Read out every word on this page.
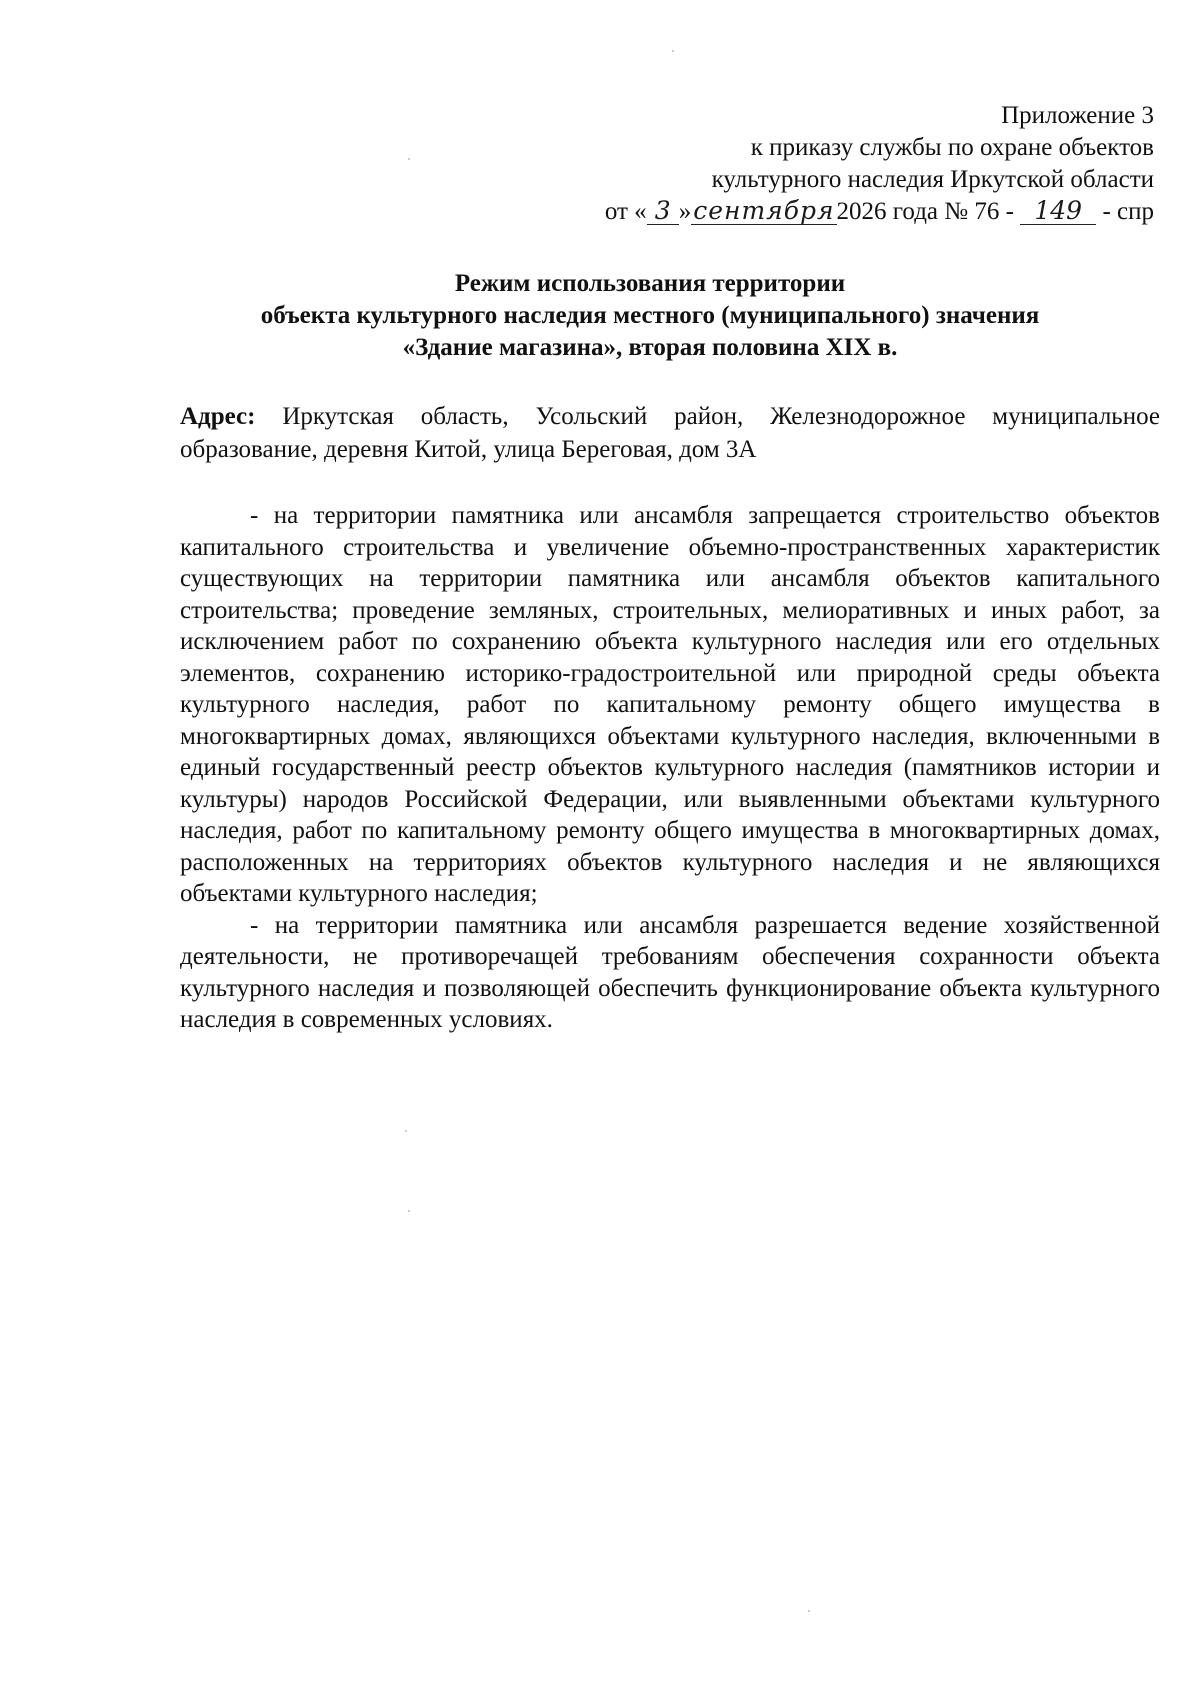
Приложение 3
к приказу службы по охране объектов
культурного наследия Иркутской области
от « 3 »сентября2026 года № 76 - 149 - спр
Режим использования территории
объекта культурного наследия местного (муниципального) значения
«Здание магазина», вторая половина XIX в.
Адрес: Иркутская область, Усольский район, Железнодорожное муниципальное образование, деревня Китой, улица Береговая, дом 3А

- на территории памятника или ансамбля запрещается строительство объектов капитального строительства и увеличение объемно-пространственных характеристик существующих на территории памятника или ансамбля объектов капитального строительства; проведение земляных, строительных, мелиоративных и иных работ, за исключением работ по сохранению объекта культурного наследия или его отдельных элементов, сохранению историко-градостроительной или природной среды объекта культурного наследия, работ по капитальному ремонту общего имущества в многоквартирных домах, являющихся объектами культурного наследия, включенными в единый государственный реестр объектов культурного наследия (памятников истории и культуры) народов Российской Федерации, или выявленными объектами культурного наследия, работ по капитальному ремонту общего имущества в многоквартирных домах, расположенных на территориях объектов культурного наследия и не являющихся объектами культурного наследия;

- на территории памятника или ансамбля разрешается ведение хозяйственной деятельности, не противоречащей требованиям обеспечения сохранности объекта культурного наследия и позволяющей обеспечить функционирование объекта культурного наследия в современных условиях.
